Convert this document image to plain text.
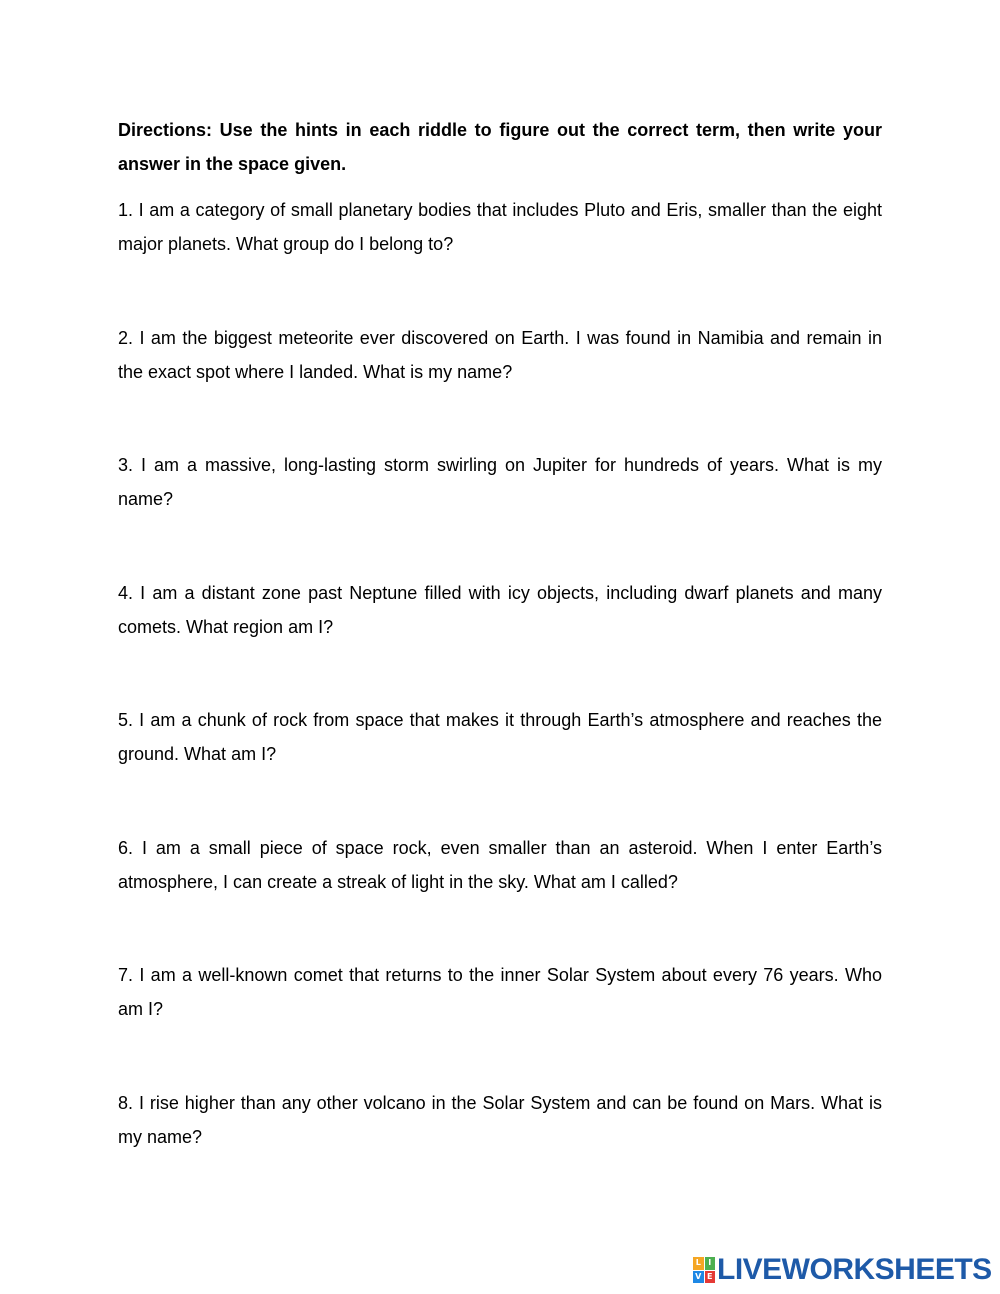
Directions: Use the hints in each riddle to figure out the correct term, then write your answer in the space given.

1. I am a category of small planetary bodies that includes Pluto and Eris, smaller than the eight major planets. What group do I belong to?

2. I am the biggest meteorite ever discovered on Earth. I was found in Namibia and remain in the exact spot where I landed. What is my name?

3. I am a massive, long-lasting storm swirling on Jupiter for hundreds of years. What is my name?

4. I am a distant zone past Neptune filled with icy objects, including dwarf planets and many comets. What region am I?

5. I am a chunk of rock from space that makes it through Earth’s atmosphere and reaches the ground. What am I?

6. I am a small piece of space rock, even smaller than an asteroid. When I enter Earth’s atmosphere, I can create a streak of light in the sky. What am I called?

7. I am a well-known comet that returns to the inner Solar System about every 76 years. Who am I?

8. I rise higher than any other volcano in the Solar System and can be found on Mars. What is my name?

L I
V E LIVEWORKSHEETS
